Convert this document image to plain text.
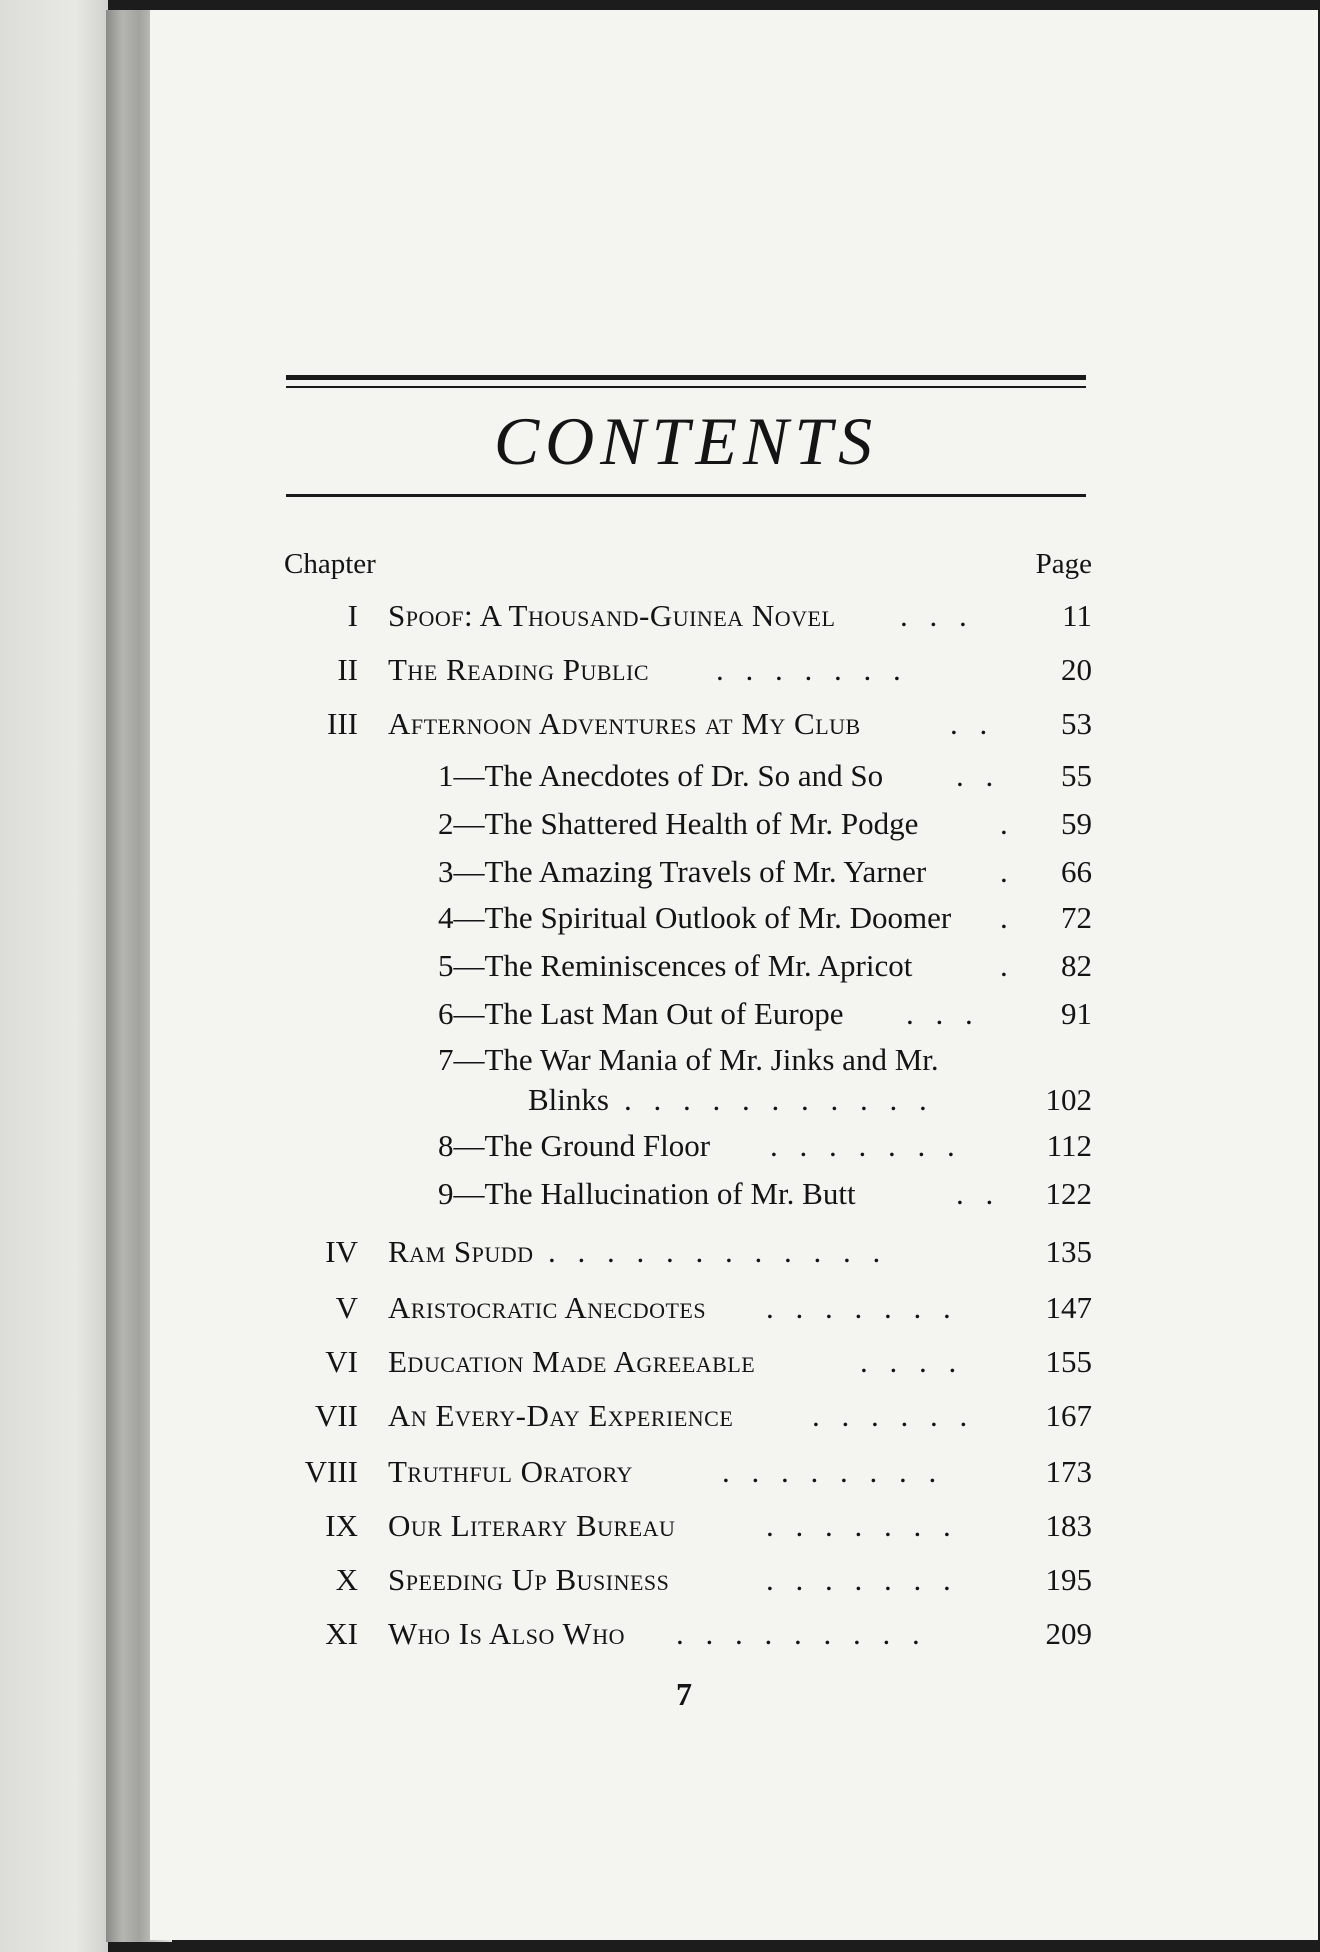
CONTENTS
Chapter	Page
I Spoof: A Thousand-Guinea Novel . . .	11
II The Reading Public . . . . . . .	20
III Afternoon Adventures at My Club	. .	53
1—The Anecdotes of Dr. So and So . .	55
2—The Shattered Health of Mr. Podge	.	59
3—The Amazing Travels of Mr. Yarner .	66
4—The Spiritual Outlook of Mr. Doomer .	72
5—The Reminiscences of Mr. Apricot	.	82
6—The Last Man Out of Europe . . .	91
7—The War Mania of Mr. Jinks and Mr.
Blinks . . . . . . . . . . .	102
8—The Ground Floor . . . . . . .	112
9—The Hallucination of Mr. Butt	. .	122
IV Ram Spudd . . . . . . . . . . . .	135
V Aristocratic Anecdotes . . . . . . .	147
VI Education Made Agreeable	. . . .	155
VII An Every-Day Experience	. . . . . .	167
VIII Truthful Oratory	. . . . . . . .	173
IX Our Literary Bureau	. . . . . . .	183
X Speeding Up Business	. . . . . . .	195
XI Who Is Also Who . . . . . . . . .	209
7
